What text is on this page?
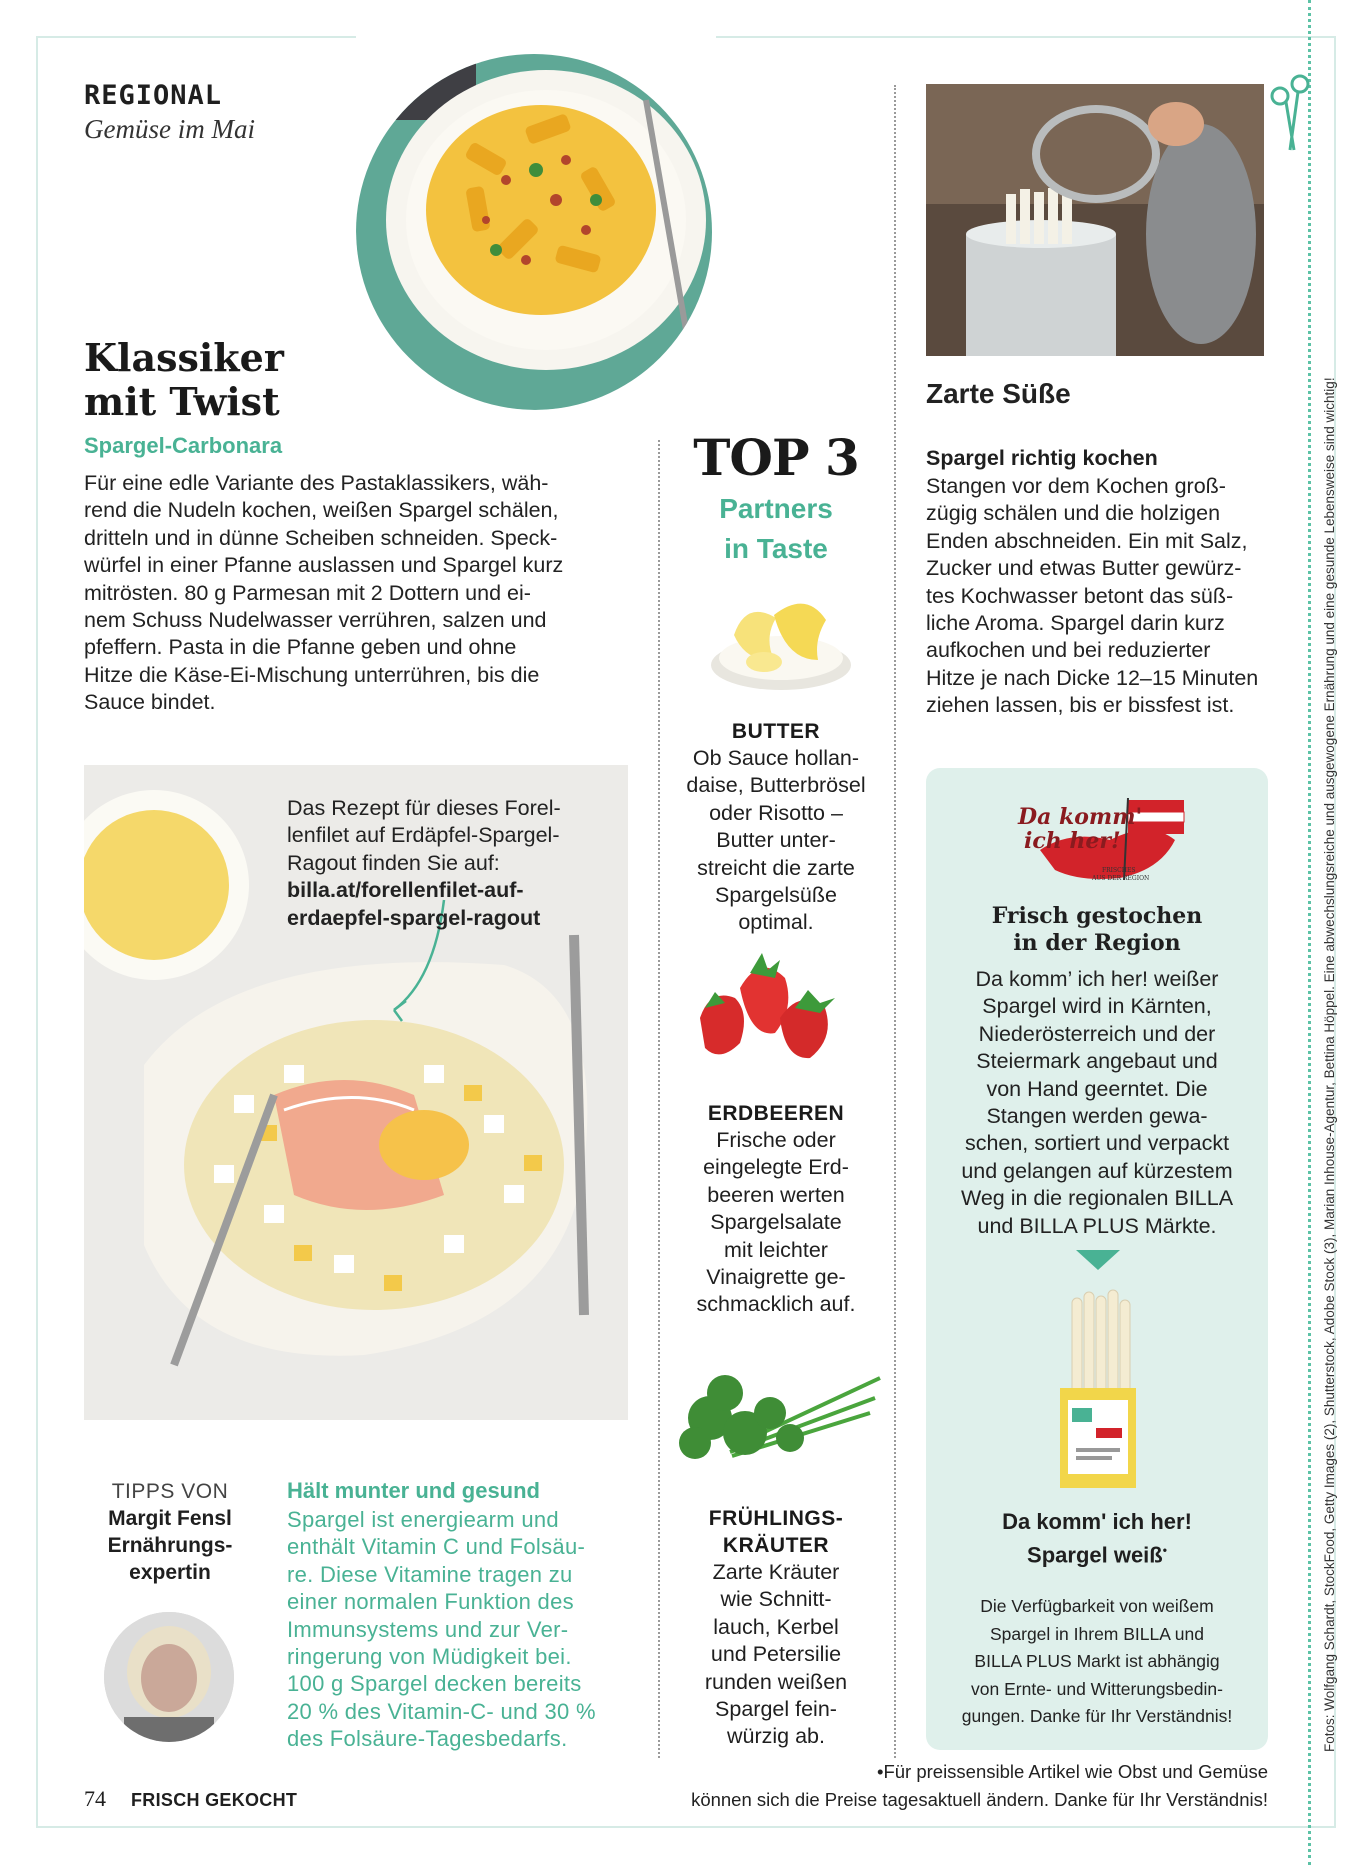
REGIONAL
Gemüse im Mai
Klassiker
mit Twist
Spargel-Carbonara
Für eine edle Variante des Pastaklassikers, wäh-
rend die Nudeln kochen, weißen Spargel schälen,
dritteln und in dünne Scheiben schneiden. Speck-
würfel in einer Pfanne auslassen und Spargel kurz
mitrösten. 80 g Parmesan mit 2 Dottern und ei-
nem Schuss Nudelwasser verrühren, salzen und
pfeffern. Pasta in die Pfanne geben und ohne
Hitze die Käse-Ei-Mischung unterrühren, bis die
Sauce bindet.
Das Rezept für dieses Forel-
lenfilet auf Erdäpfel-Spargel-
Ragout finden Sie auf:
billa.at/forellenfilet-auf-
erdaepfel-spargel-ragout
TIPPS VON
Margit Fensl
Ernährungs-
expertin
Hält munter und gesund
Spargel ist energiearm und
enthält Vitamin C und Folsäu-
re. Diese Vitamine tragen zu
einer normalen Funktion des
Immunsystems und zur Ver-
ringerung von Müdigkeit bei.
100 g Spargel decken bereits
20 % des Vitamin-C- und 30 %
des Folsäure-Tagesbedarfs.
TOP 3
Partners
in Taste
BUTTER
Ob Sauce hollan-
daise, Butterbrösel
oder Risotto –
Butter unter-
streicht die zarte
Spargelsüße
optimal.
ERDBEEREN
Frische oder
eingelegte Erd-
beeren werten
Spargelsalate
mit leichter
Vinaigrette ge-
schmacklich auf.
FRÜHLINGS-
KRÄUTER
Zarte Kräuter
wie Schnitt-
lauch, Kerbel
und Petersilie
runden weißen
Spargel fein-
würzig ab.
Zarte Süße
Spargel richtig kochen
Stangen vor dem Kochen groß-
zügig schälen und die holzigen
Enden abschneiden. Ein mit Salz,
Zucker und etwas Butter gewürz-
tes Kochwasser betont das süß-
liche Aroma. Spargel darin kurz
aufkochen und bei reduzierter
Hitze je nach Dicke 12–15 Minuten
ziehen lassen, bis er bissfest ist.
Da komm'
ich her!
FRISCHES
AUS DER REGION
Frisch gestochen
in der Region
Da komm’ ich her! weißer
Spargel wird in Kärnten,
Niederösterreich und der
Steiermark angebaut und
von Hand geerntet. Die
Stangen werden gewa-
schen, sortiert und verpackt
und gelangen auf kürzestem
Weg in die regionalen BILLA
und BILLA PLUS Märkte.
Da komm' ich her!
Spargel weiß•
Die Verfügbarkeit von weißem
Spargel in Ihrem BILLA und
BILLA PLUS Markt ist abhängig
von Ernte- und Witterungsbedin-
gungen. Danke für Ihr Verständnis!
74 FRISCH GEKOCHT
•Für preissensible Artikel wie Obst und Gemüse
können sich die Preise tagesaktuell ändern. Danke für Ihr Verständnis!
Fotos: Wolfgang Schardt, StockFood, Getty Images (2), Shutterstock, Adobe Stock (3), Marian Inhouse-Agentur, Bettina Höppel. Eine abwechslungsreiche und ausgewogene Ernährung und eine gesunde Lebensweise sind wichtig!
